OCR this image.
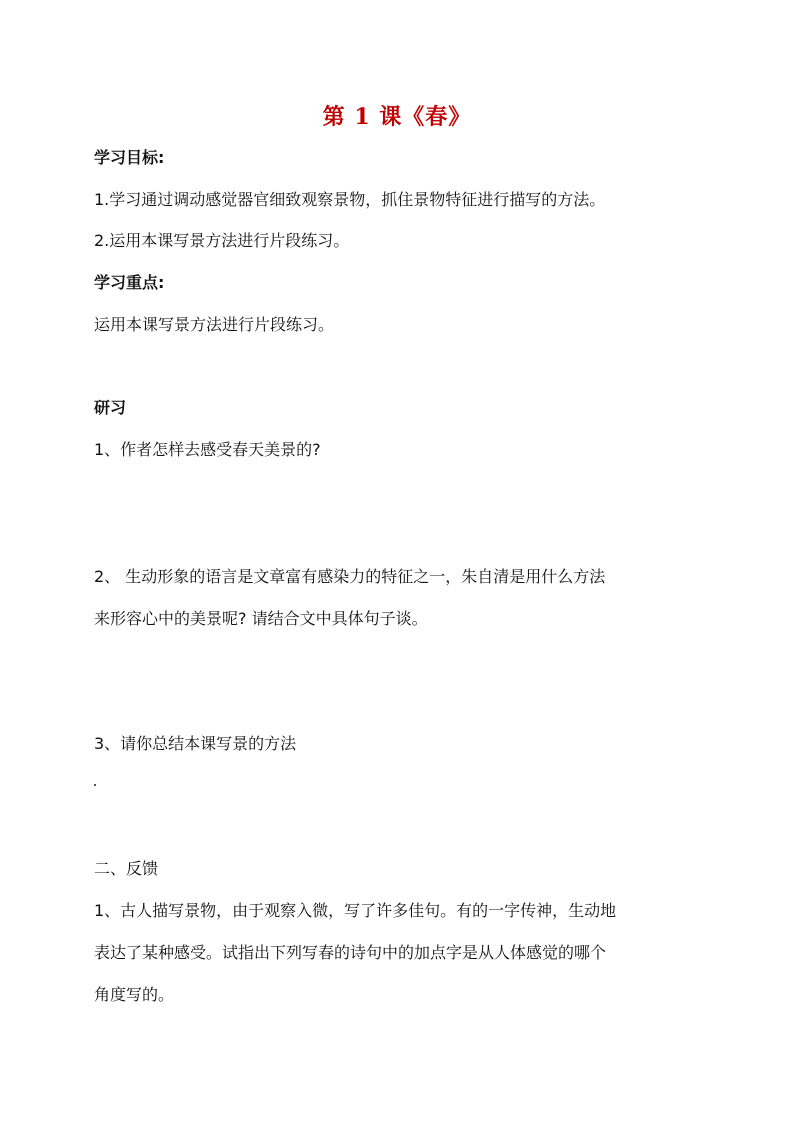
第 1 课《春》
学习目标:
1.学习通过调动感觉器官细致观察景物，抓住景物特征进行描写的方法。
2.运用本课写景方法进行片段练习。
学习重点:
运用本课写景方法进行片段练习。
研习
1、作者怎样去感受春天美景的?
2、 生动形象的语言是文章富有感染力的特征之一，朱自清是用什么方法
来形容心中的美景呢? 请结合文中具体句子谈。
3、请你总结本课写景的方法
二、反馈
1、古人描写景物，由于观察入微，写了许多佳句。有的一字传神，生动地
表达了某种感受。试指出下列写春的诗句中的加点字是从人体感觉的哪个
角度写的。
